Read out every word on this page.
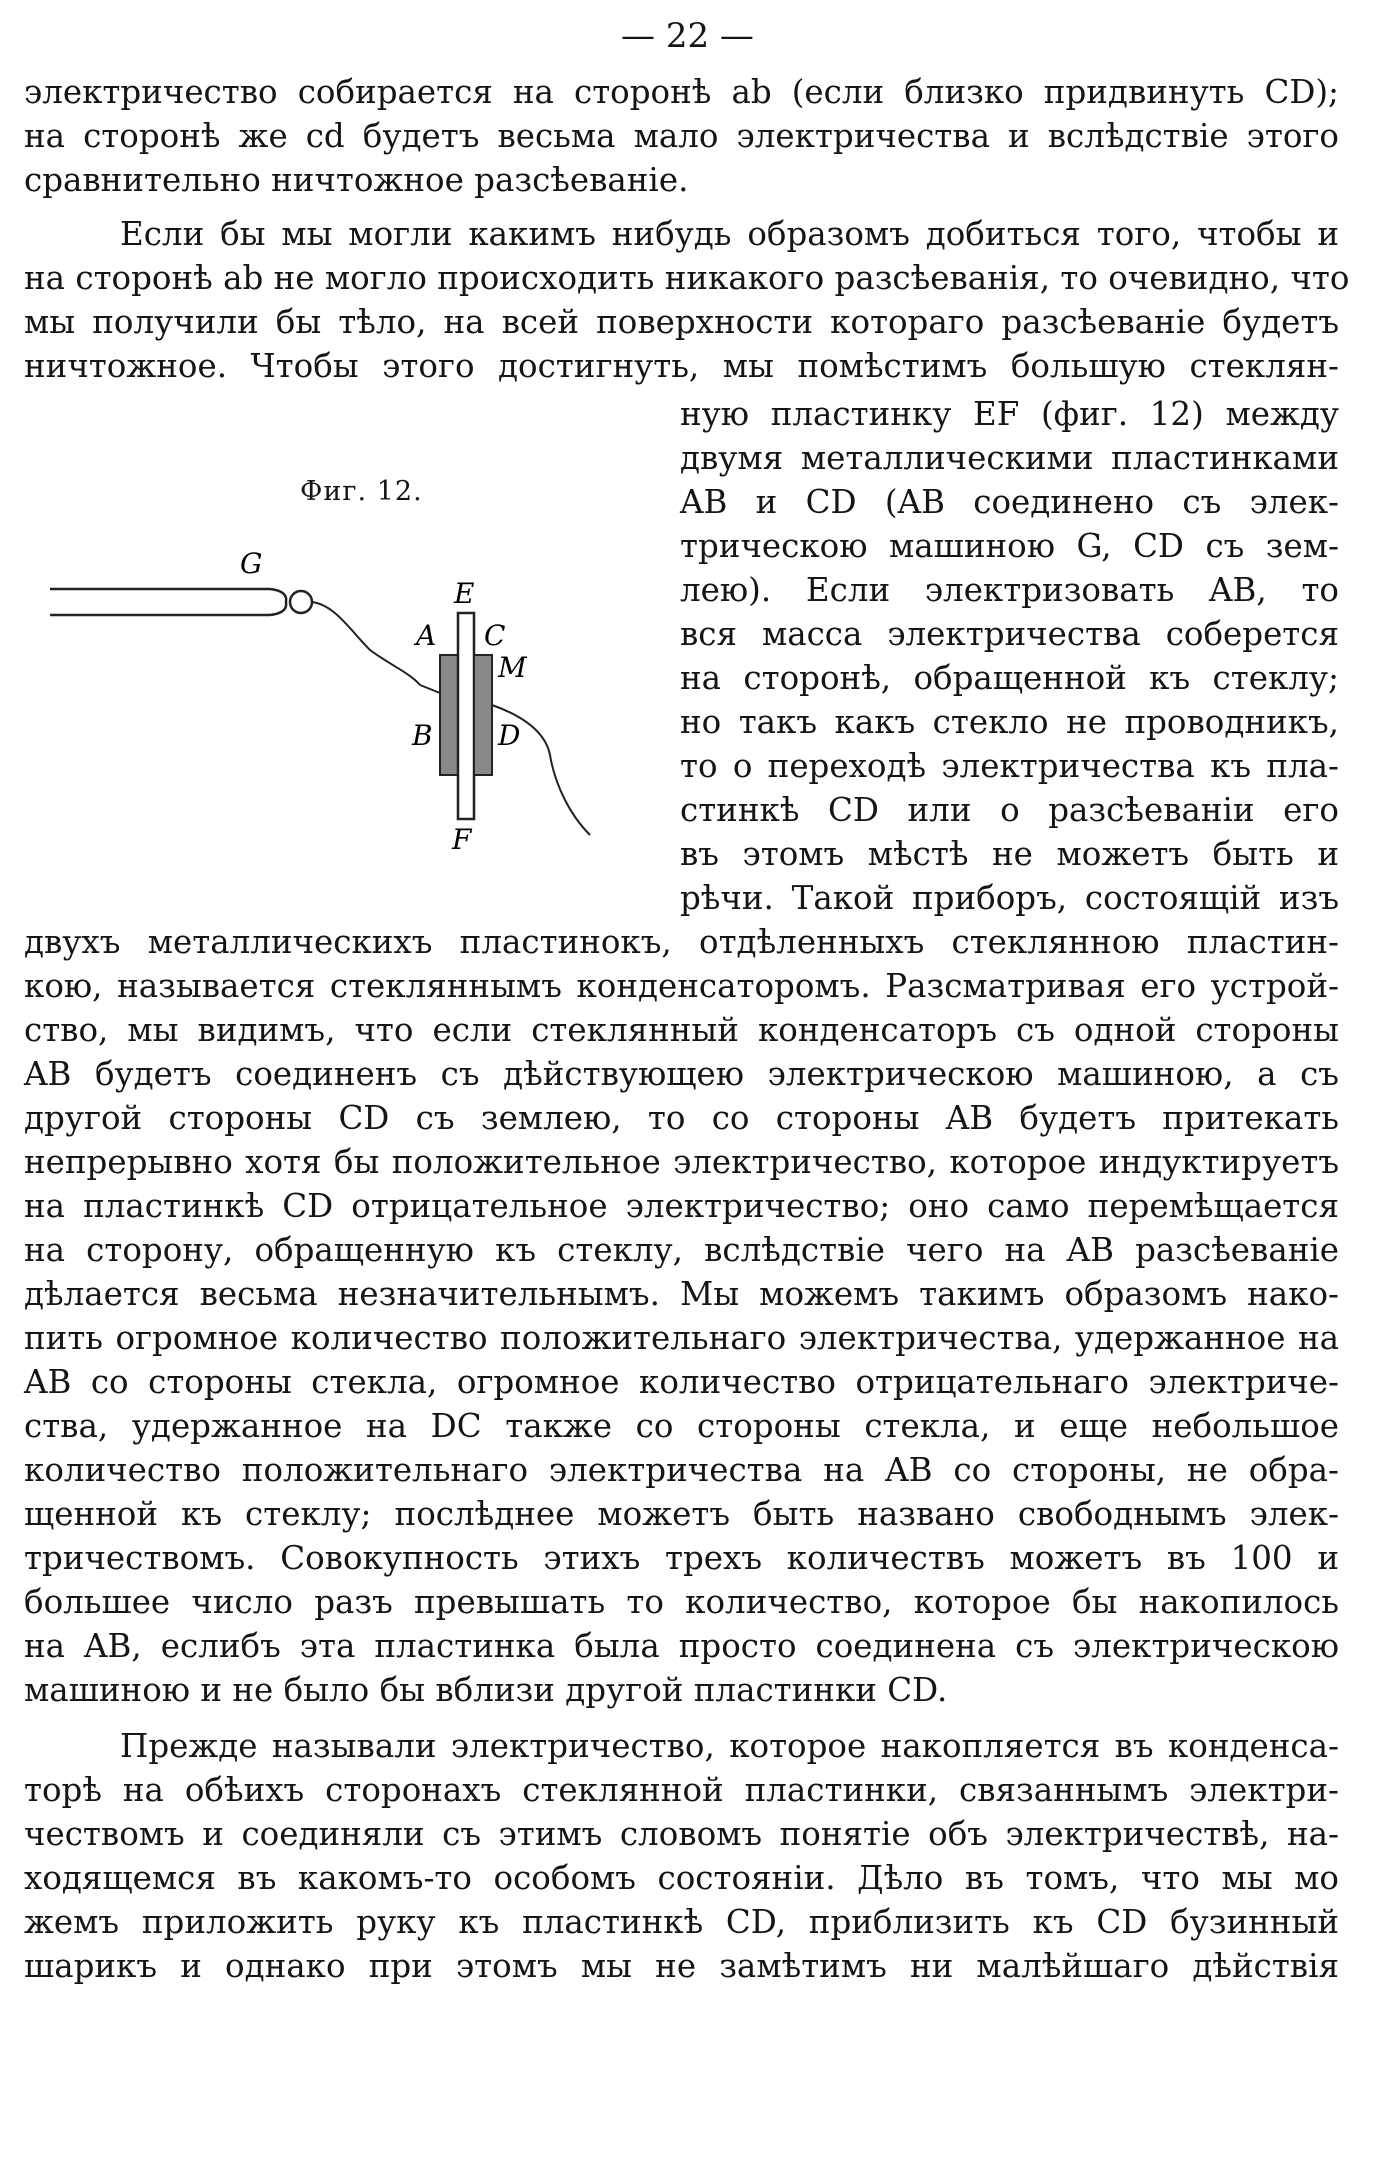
— 22 —
электричество собирается на сторонѣ ab (если близко придвинуть CD);
на сторонѣ же cd будетъ весьма мало электричества и вслѣдствіе этого
сравнительно ничтожное разсѣеваніе.
Если бы мы могли какимъ нибудь образомъ добиться того, чтобы и
на сторонѣ ab не могло происходить никакого разсѣеванія, то очевидно, что
мы получили бы тѣло, на всей поверхности котораго разсѣеваніе будетъ
ничтожное. Чтобы этого достигнуть, мы помѣстимъ большую стеклян-
ную пластинку EF (фиг. 12) между
двумя металлическими пластинками
AB и CD (AB соединено съ элек-
трическою машиною G, CD съ зем-
лею). Если электризовать AB, то
вся масса электричества соберется
на сторонѣ, обращенной къ стеклу;
но такъ какъ стекло не проводникъ,
то о переходѣ электричества къ пла-
стинкѣ CD или о разсѣеваніи его
въ этомъ мѣстѣ не можетъ быть и
рѣчи. Такой приборъ, состоящій изъ
Фиг. 12.
G
E
A C
M
B D
F
двухъ металлическихъ пластинокъ, отдѣленныхъ стеклянною пластин-
кою, называется стекляннымъ конденсаторомъ. Разсматривая его устрой-
ство, мы видимъ, что если стеклянный конденсаторъ съ одной стороны
AB будетъ соединенъ съ дѣйствующею электрическою машиною, а съ
другой стороны CD съ землею, то со стороны AB будетъ притекать
непрерывно хотя бы положительное электричество, которое индуктируетъ
на пластинкѣ CD отрицательное электричество; оно само перемѣщается
на сторону, обращенную къ стеклу, вслѣдствіе чего на AB разсѣеваніе
дѣлается весьма незначительнымъ. Мы можемъ такимъ образомъ нако-
пить огромное количество положительнаго электричества, удержанное на
AB со стороны стекла, огромное количество отрицательнаго электриче-
ства, удержанное на DC также со стороны стекла, и еще небольшое
количество положительнаго электричества на AB со стороны, не обра-
щенной къ стеклу; послѣднее можетъ быть названо свободнымъ элек-
тричествомъ. Совокупность этихъ трехъ количествъ можетъ въ 100 и
большее число разъ превышать то количество, которое бы накопилось
на AB, еслибъ эта пластинка была просто соединена съ электрическою
машиною и не было бы вблизи другой пластинки CD.
Прежде называли электричество, которое накопляется въ конденса-
торѣ на обѣихъ сторонахъ стеклянной пластинки, связаннымъ электри-
чествомъ и соединяли съ этимъ словомъ понятіе объ электричествѣ, на-
ходящемся въ какомъ-то особомъ состояніи. Дѣло въ томъ, что мы мо
жемъ приложить руку къ пластинкѣ CD, приблизить къ CD бузинный
шарикъ и однако при этомъ мы не замѣтимъ ни малѣйшаго дѣйствія
